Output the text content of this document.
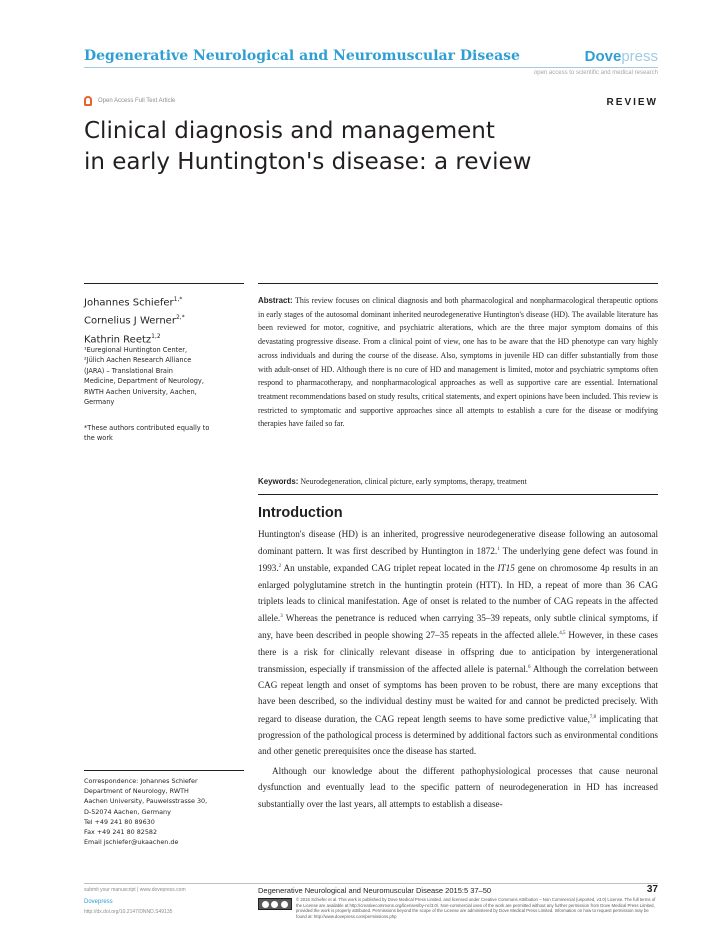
Degenerative Neurological and Neuromuscular Disease	Dovepress
open access to scientific and medical research
Open Access Full Text Article	REVIEW
Clinical diagnosis and management
in early Huntington's disease: a review
Johannes Schiefer$^{1,*}$
Cornelius J Werner$^{2,*}$
Kathrin Reetz$^{1,2}$

¹Euregional Huntington Center,

²Jülich Aachen Research Alliance

(JARA) – Translational Brain

Medicine, Department of Neurology,

RWTH Aachen University, Aachen,

Germany

*These authors contributed equally to
the work
Correspondence: Johannes Schiefer
Department of Neurology, RWTH
Aachen University, Pauwelsstrasse 30,
D-52074 Aachen, Germany
Tel +49 241 80 89630
Fax +49 241 80 82582
Email jschiefer@ukaachen.de
Abstract: This review focuses on clinical diagnosis and both pharmacological and nonpharmacological therapeutic options in early stages of the autosomal dominant inherited neurodegenerative Huntington's disease (HD). The available literature has been reviewed for motor, cognitive, and psychiatric alterations, which are the three major symptom domains of this devastating progressive disease. From a clinical point of view, one has to be aware that the HD phenotype can vary highly across individuals and during the course of the disease. Also, symptoms in juvenile HD can differ substantially from those with adult-onset of HD. Although there is no cure of HD and management is limited, motor and psychiatric symptoms often respond to pharmacotherapy, and nonpharmacological approaches as well as supportive care are essential. International treatment recommendations based on study results, critical statements, and expert opinions have been included. This review is restricted to symptomatic and supportive approaches since all attempts to establish a cure for the disease or modifying therapies have failed so far.
Keywords: Neurodegeneration, clinical picture, early symptoms, therapy, treatment
Introduction

Huntington's disease (HD) is an inherited, progressive neurodegenerative disease following an autosomal dominant pattern. It was first described by Huntington in 1872.$^1$ The underlying gene defect was found in 1993.$^2$ An unstable, expanded CAG triplet repeat located in the IT15 gene on chromosome 4p results in an enlarged polyglutamine stretch in the huntingtin protein (HTT). In HD, a repeat of more than 36 CAG triplets leads to clinical manifestation. Age of onset is related to the number of CAG repeats in the affected allele.$^3$ Whereas the penetrance is reduced when carrying 35–39 repeats, only subtle clinical symptoms, if any, have been described in people showing 27–35 repeats in the affected allele.$^{4,5}$ However, in these cases there is a risk for clinically relevant disease in offspring due to anticipation by intergenerational transmission, especially if transmission of the affected allele is paternal.$^6$ Although the correlation between CAG repeat length and onset of symptoms has been proven to be robust, there are many exceptions that have been described, so the individual destiny must be waited for and cannot be predicted precisely. With regard to disease duration, the CAG repeat length seems to have some predictive value,$^{7,8}$ implicating that progression of the pathological process is determined by additional factors such as environmental conditions and other genetic prerequisites once the disease has started.

Although our knowledge about the different pathophysiological processes that cause neuronal dysfunction and eventually lead to the specific pattern of neurodegeneration in HD has increased substantially over the last years, all attempts to establish a disease-

submit your manuscript | www.dovepress.com
Dovepress
http://dx.doi.org/10.2147/DNND.S49135
Degenerative Neurological and Neuromuscular Disease 2015:5 37–50	37
© 2015 Schiefer et al. This work is published by Dove Medical Press Limited, and licensed under Creative Commons Attribution – Non Commercial (unported, v3.0) License. The full terms of the License are available at http://creativecommons.org/licenses/by-nc/3.0/. Non-commercial uses of the work are permitted without any further permission from Dove Medical Press Limited, provided the work is properly attributed. Permissions beyond the scope of the License are administered by Dove Medical Press Limited. Information on how to request permission may be found at: http://www.dovepress.com/permissions.php
